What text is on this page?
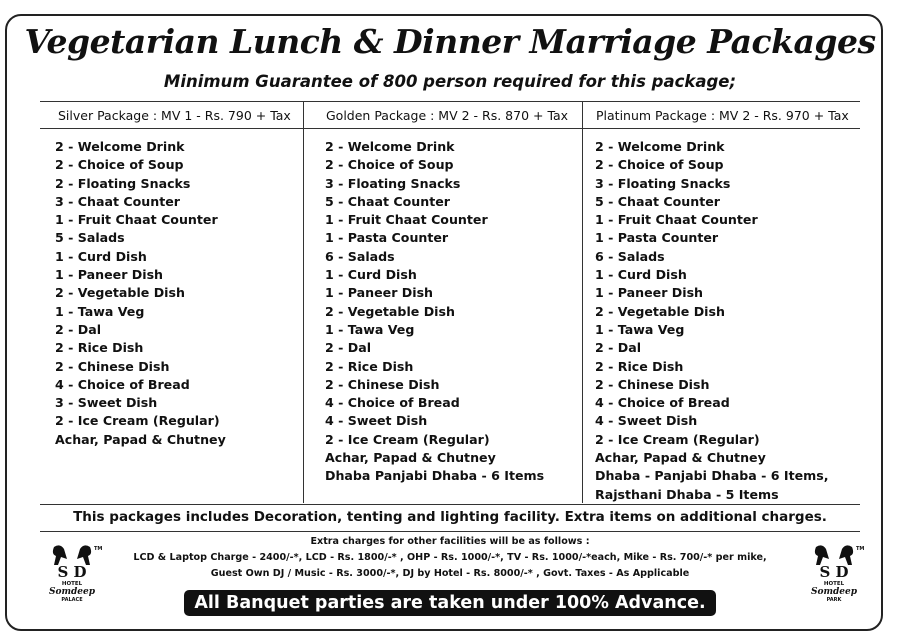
Vegetarian Lunch & Dinner Marriage Packages
Minimum Guarantee of 800 person required for this package;
Silver Package : MV 1 - Rs. 790 + Tax	Golden Package : MV 2 - Rs. 870 + Tax Platinum Package : MV 2 - Rs. 970 + Tax
2 - Welcome Drink
2 - Choice of Soup
2 - Floating Snacks
3 - Chaat Counter
1 - Fruit Chaat Counter
5 - Salads
1 - Curd Dish
1 - Paneer Dish
2 - Vegetable Dish
1 - Tawa Veg
2 - Dal
2 - Rice Dish
2 - Chinese Dish
4 - Choice of Bread
3 - Sweet Dish
2 - Ice Cream (Regular)
Achar, Papad & Chutney
2 - Welcome Drink
2 - Choice of Soup
3 - Floating Snacks
5 - Chaat Counter
1 - Fruit Chaat Counter
1 - Pasta Counter
6 - Salads
1 - Curd Dish
1 - Paneer Dish
2 - Vegetable Dish
1 - Tawa Veg
2 - Dal
2 - Rice Dish
2 - Chinese Dish
4 - Choice of Bread
4 - Sweet Dish
2 - Ice Cream (Regular)
Achar, Papad & Chutney
Dhaba Panjabi Dhaba - 6 Items
2 - Welcome Drink
2 - Choice of Soup
3 - Floating Snacks
5 - Chaat Counter
1 - Fruit Chaat Counter
1 - Pasta Counter
6 - Salads
1 - Curd Dish
1 - Paneer Dish
2 - Vegetable Dish
1 - Tawa Veg
2 - Dal
2 - Rice Dish
2 - Chinese Dish
4 - Choice of Bread
4 - Sweet Dish
2 - Ice Cream (Regular)
Achar, Papad & Chutney
Dhaba - Panjabi Dhaba - 6 Items,
Rajsthani Dhaba - 5 Items
This packages includes Decoration, tenting and lighting facility. Extra items on additional charges.
Extra charges for other facilities will be as follows :
LCD & Laptop Charge - 2400/-*, LCD - Rs. 1800/-* , OHP - Rs. 1000/-*, TV - Rs. 1000/-*each, Mike - Rs. 700/-* per mike,
Guest Own DJ / Music - Rs. 3000/-*, DJ by Hotel - Rs. 8000/-* , Govt. Taxes - As Applicable
All Banquet parties are taken under 100% Advance.
S D
TM
HOTEL
Somdeep
PALACE
S D
TM
HOTEL
Somdeep
PARK
